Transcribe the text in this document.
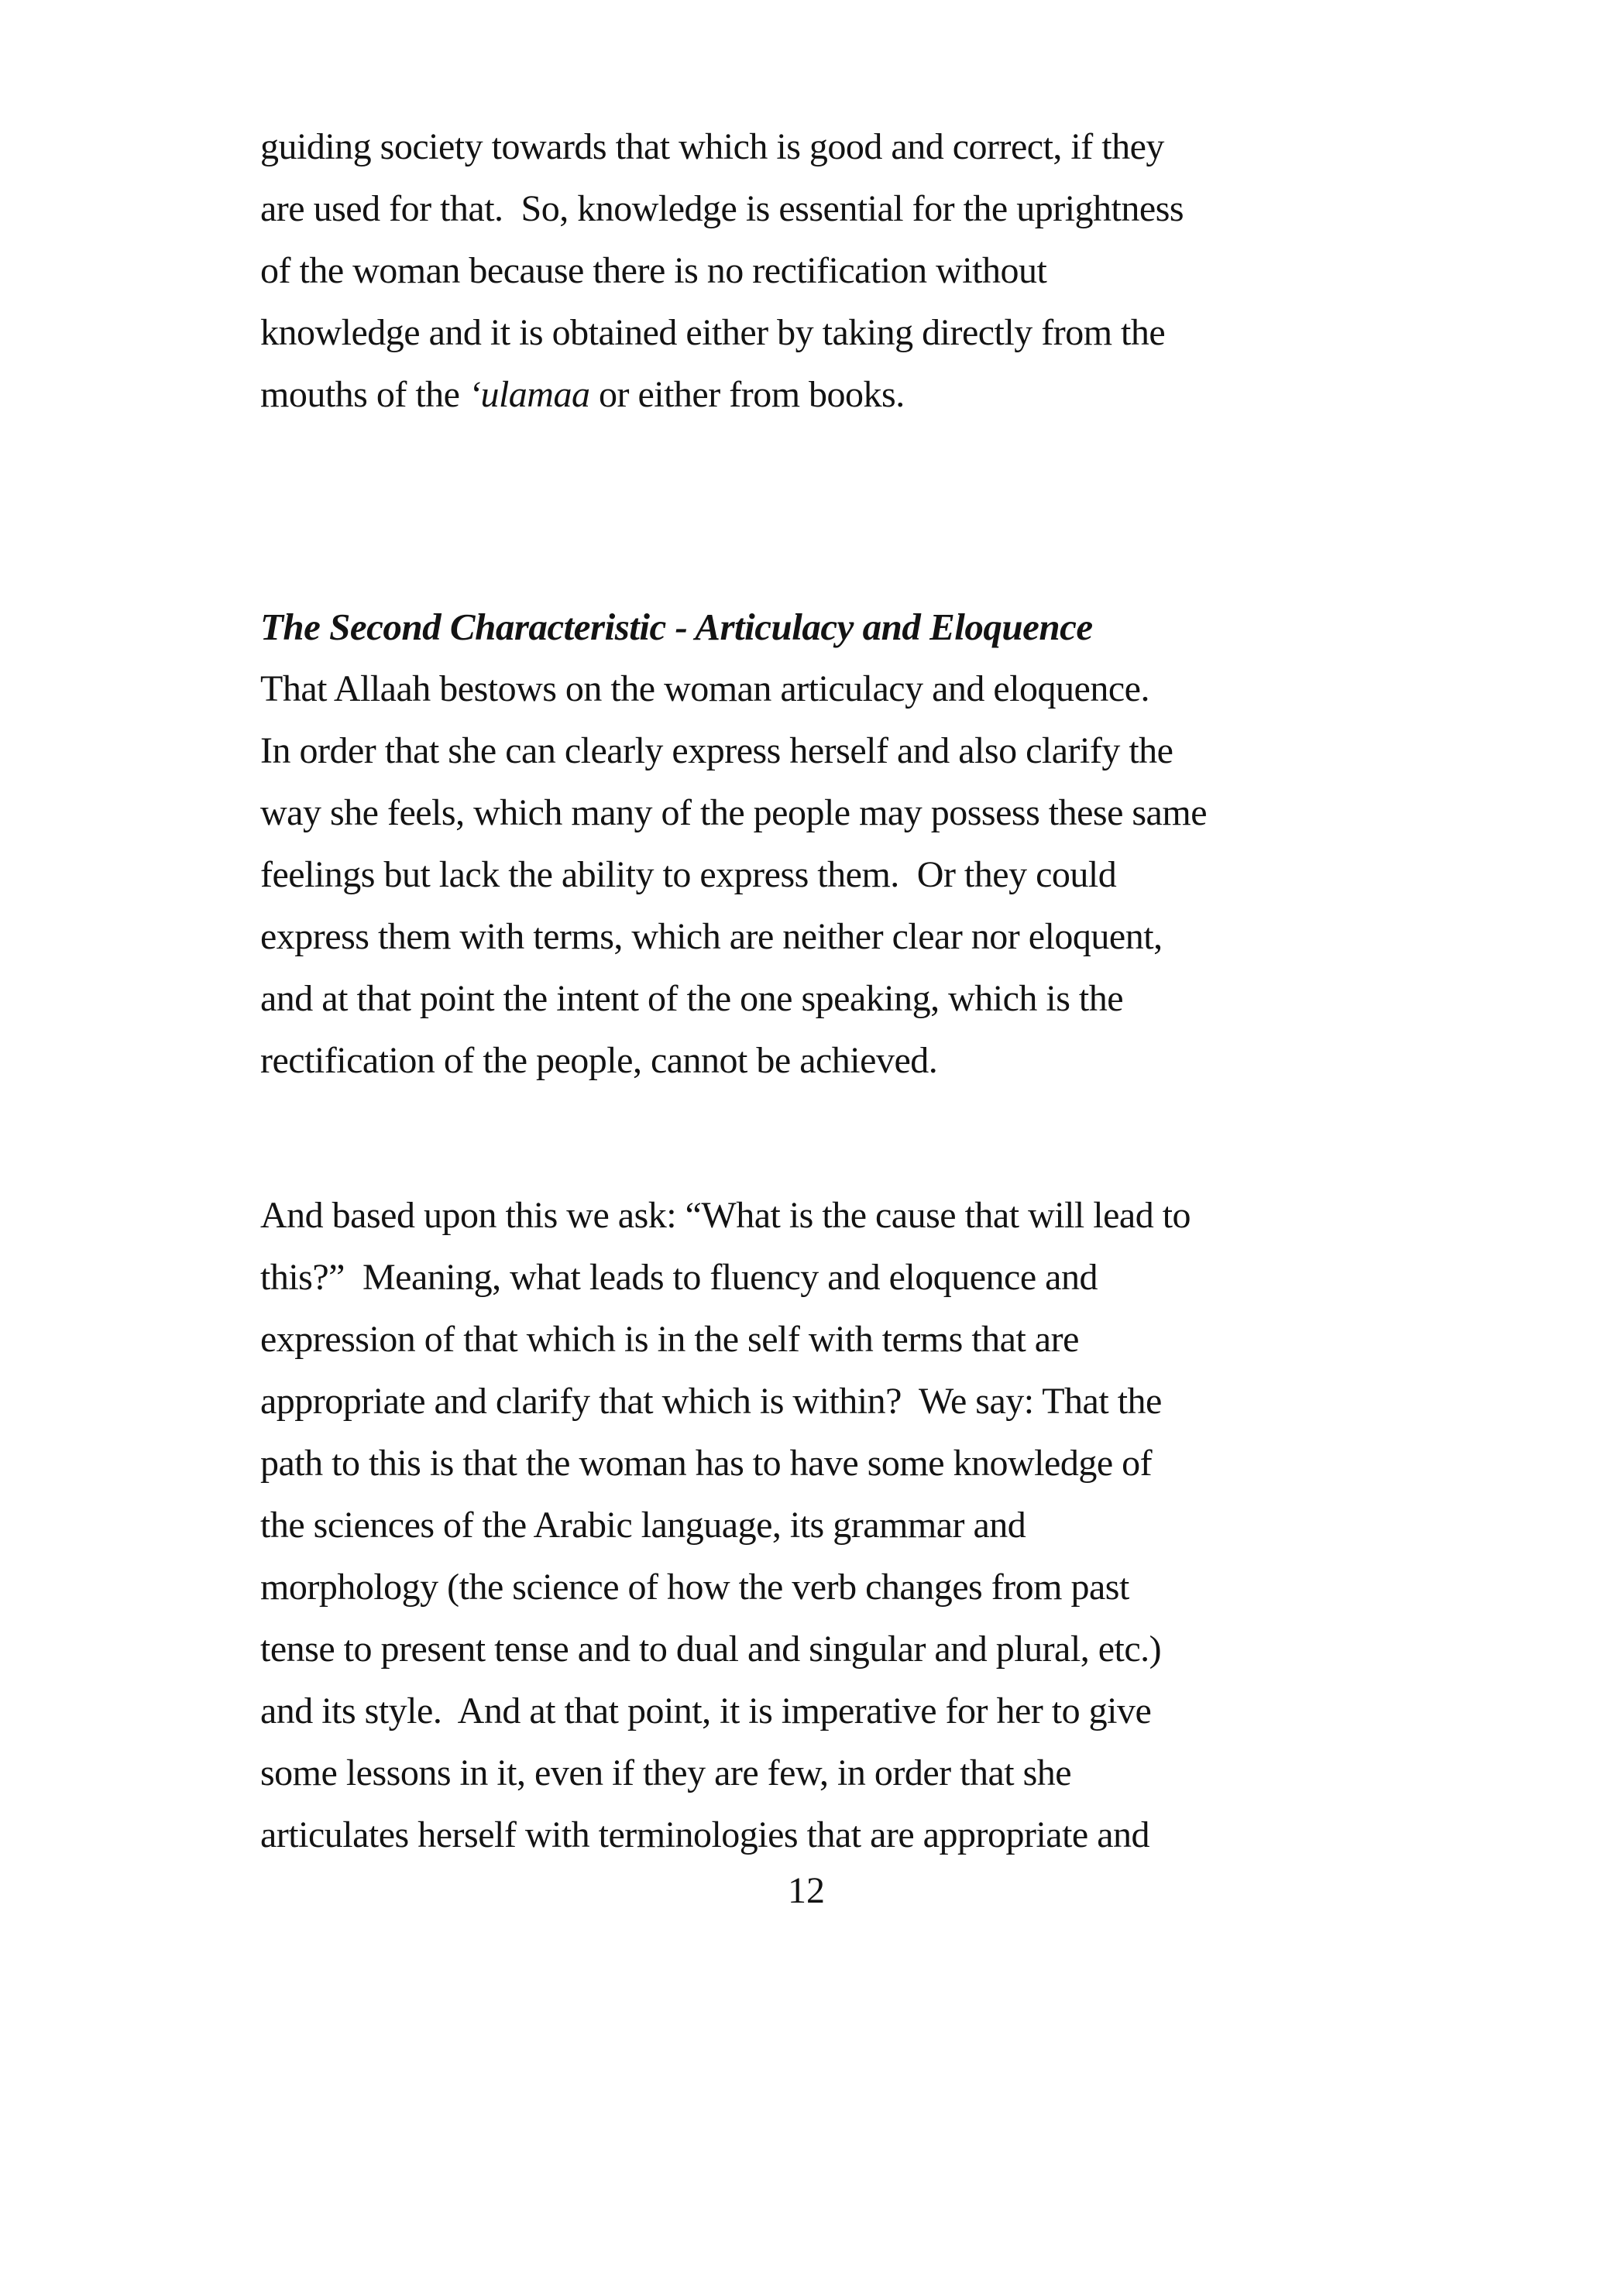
guiding society towards that which is good and correct, if they
are used for that.  So, knowledge is essential for the uprightness
of the woman because there is no rectification without
knowledge and it is obtained either by taking directly from the
mouths of the ‘ulamaa or either from books.
The Second Characteristic - Articulacy and Eloquence
That Allaah bestows on the woman articulacy and eloquence.
In order that she can clearly express herself and also clarify the
way she feels, which many of the people may possess these same
feelings but lack the ability to express them.  Or they could
express them with terms, which are neither clear nor eloquent,
and at that point the intent of the one speaking, which is the
rectification of the people, cannot be achieved.
And based upon this we ask: “What is the cause that will lead to
this?”  Meaning, what leads to fluency and eloquence and
expression of that which is in the self with terms that are
appropriate and clarify that which is within?  We say: That the
path to this is that the woman has to have some knowledge of
the sciences of the Arabic language, its grammar and
morphology (the science of how the verb changes from past
tense to present tense and to dual and singular and plural, etc.)
and its style.  And at that point, it is imperative for her to give
some lessons in it, even if they are few, in order that she
articulates herself with terminologies that are appropriate and
12
